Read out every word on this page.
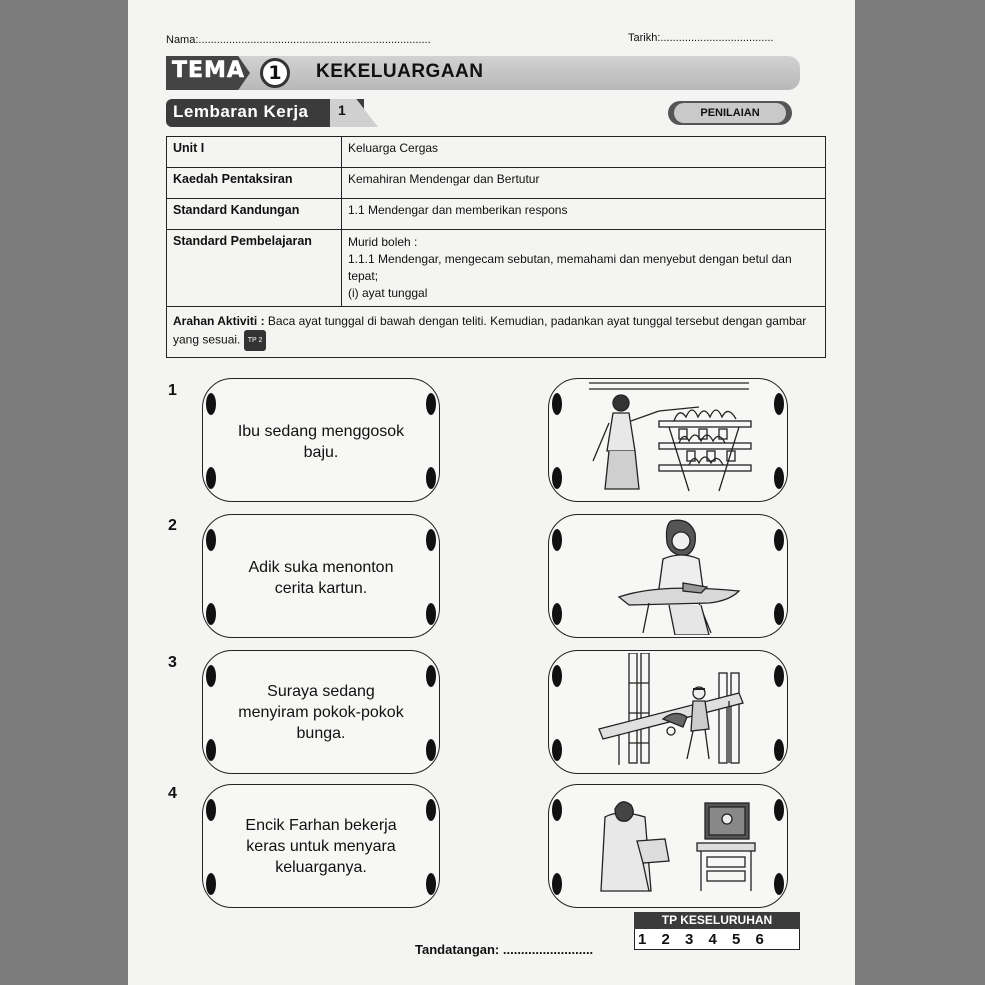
Nama:............................................................................	Tarikh:.....................................
TEMA	1	KEKELUARGAAN
Lembaran Kerja 1	PENILAIAN
Unit I	Keluarga Cergas
Kaedah Pentaksiran	Kemahiran Mendengar dan Bertutur
Standard Kandungan	1.1 Mendengar dan memberikan respons
Standard Pembelajaran	Murid boleh :
1.1.1 Mendengar, mengecam sebutan, memahami dan menyebut dengan betul dan tepat;
(i) ayat tunggal

Arahan Aktiviti : Baca ayat tunggal di bawah dengan teliti. Kemudian, padankan ayat tunggal tersebut dengan gambar yang sesuai. TP 2	
1
2
3
4
Ibu sedang menggosok
baju.
Adik suka menonton
cerita kartun.
Suraya sedang
menyiram pokok-pokok
bunga.
Encik Farhan bekerja
keras untuk menyara
keluarganya.
Tandatangan: .........................
TP KESELURUHAN
1 2 3 4 5 6
